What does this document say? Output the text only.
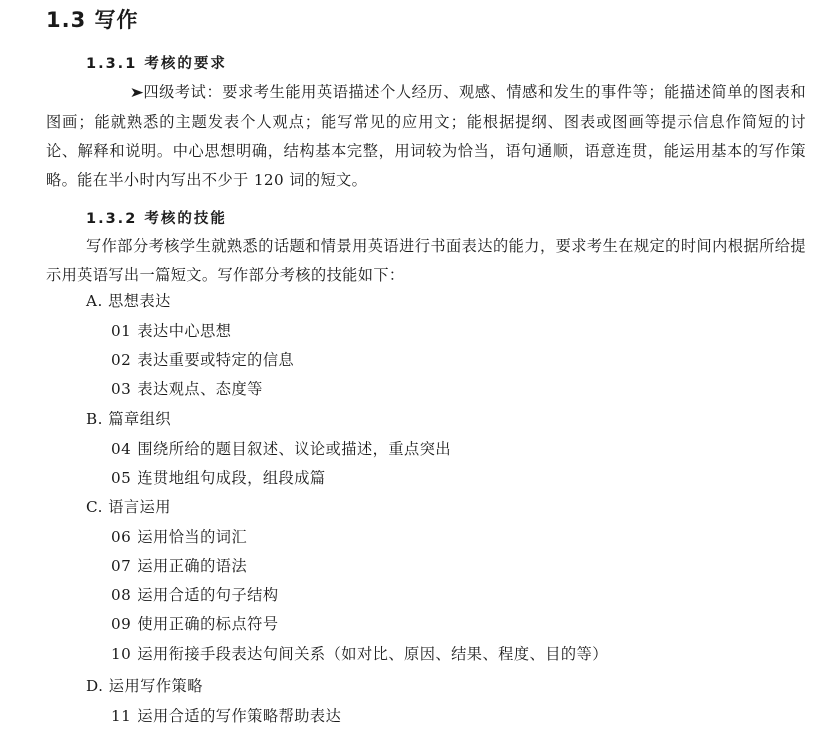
1.3 写作
1.3.1 考核的要求
➤四级考试：要求考生能用英语描述个人经历、观感、情感和发生的事件等；能描述简单的图表和图画；能就熟悉的主题发表个人观点；能写常见的应用文；能根据提纲、图表或图画等提示信息作简短的讨论、解释和说明。中心思想明确，结构基本完整，用词较为恰当，语句通顺，语意连贯，能运用基本的写作策略。能在半小时内写出不少于 120 词的短文。
1.3.2 考核的技能
写作部分考核学生就熟悉的话题和情景用英语进行书面表达的能力，要求考生在规定的时间内根据所给提示用英语写出一篇短文。写作部分考核的技能如下：
A. 思想表达
01 表达中心思想
02 表达重要或特定的信息
03 表达观点、态度等
B. 篇章组织
04 围绕所给的题目叙述、议论或描述，重点突出
05 连贯地组句成段，组段成篇
C. 语言运用
06 运用恰当的词汇
07 运用正确的语法
08 运用合适的句子结构
09 使用正确的标点符号
10 运用衔接手段表达句间关系（如对比、原因、结果、程度、目的等）
D. 运用写作策略
11 运用合适的写作策略帮助表达
